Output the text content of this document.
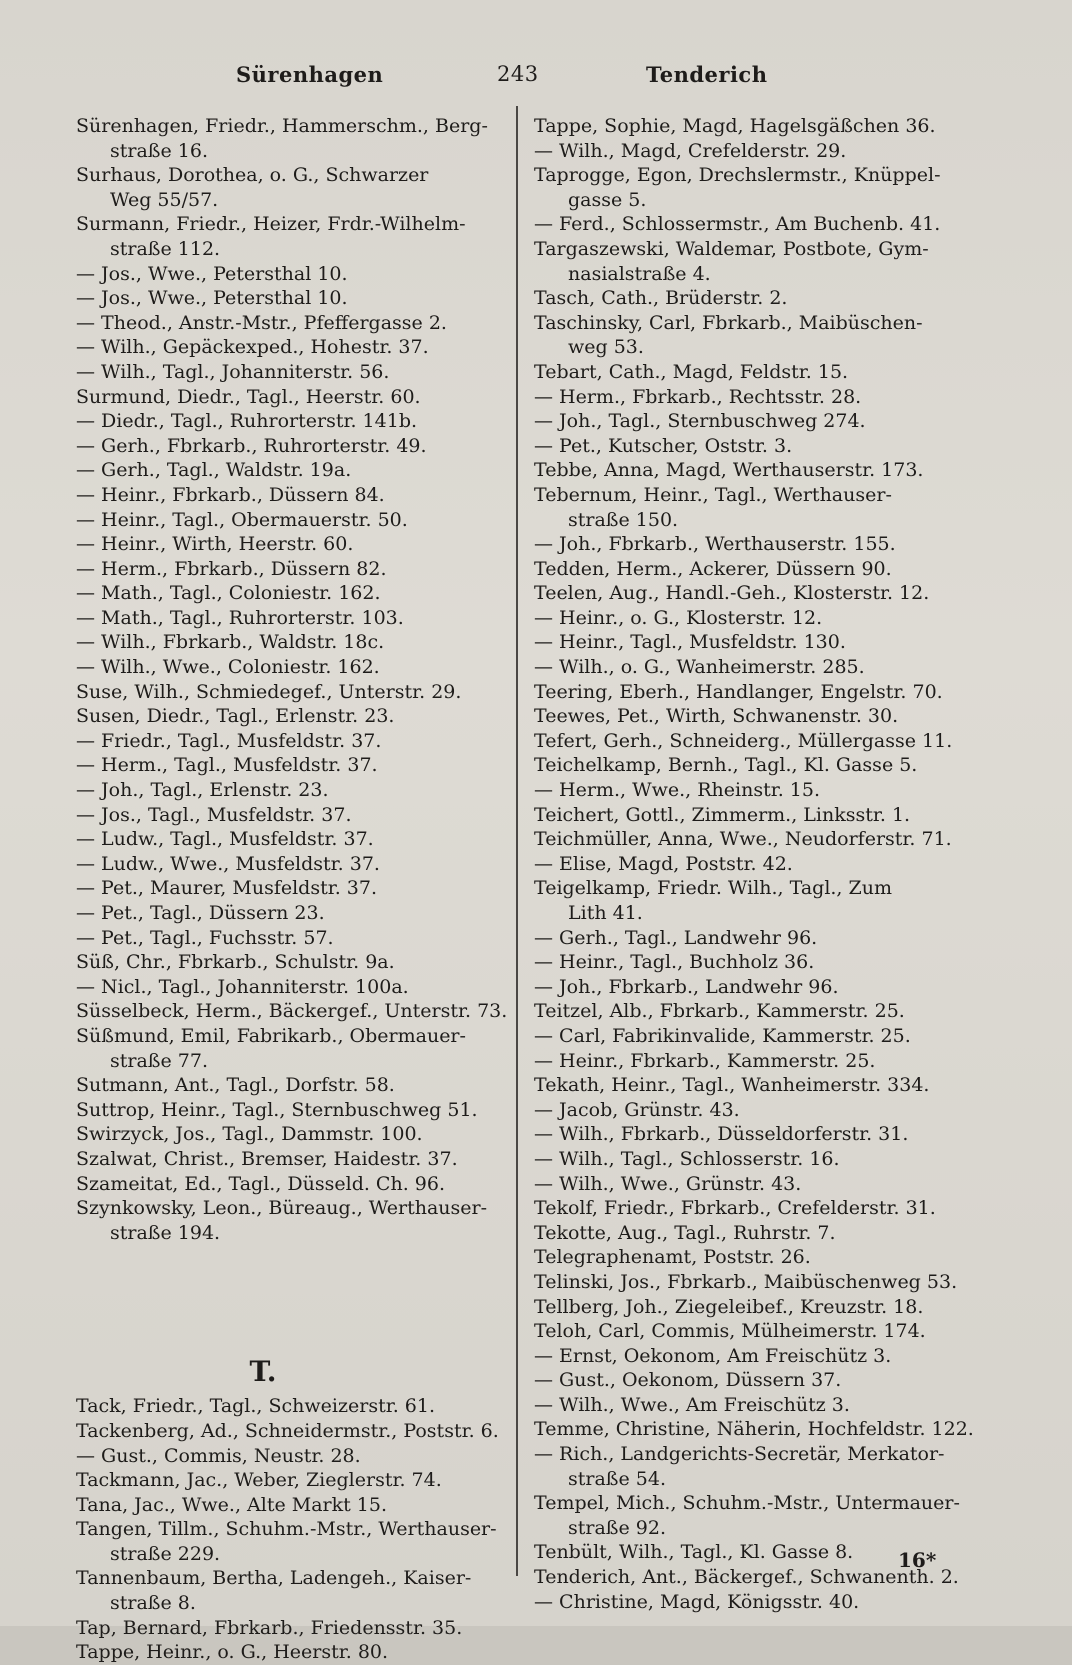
Sürenhagen	243	Tenderich
Sürenhagen, Friedr., Hammerschm., Berg-
straße 16.
Surhaus, Dorothea, o. G., Schwarzer
Weg 55/57.
Surmann, Friedr., Heizer, Frdr.-Wilhelm-
straße 112.
— Jos., Wwe., Petersthal 10.
— Jos., Wwe., Petersthal 10.
— Theod., Anstr.-Mstr., Pfeffergasse 2.
— Wilh., Gepäckexped., Hohestr. 37.
— Wilh., Tagl., Johanniterstr. 56.
Surmund, Diedr., Tagl., Heerstr. 60.
— Diedr., Tagl., Ruhrorterstr. 141b.
— Gerh., Fbrkarb., Ruhrorterstr. 49.
— Gerh., Tagl., Waldstr. 19a.
— Heinr., Fbrkarb., Düssern 84.
— Heinr., Tagl., Obermauerstr. 50.
— Heinr., Wirth, Heerstr. 60.
— Herm., Fbrkarb., Düssern 82.
— Math., Tagl., Coloniestr. 162.
— Math., Tagl., Ruhrorterstr. 103.
— Wilh., Fbrkarb., Waldstr. 18c.
— Wilh., Wwe., Coloniestr. 162.
Suse, Wilh., Schmiedegef., Unterstr. 29.
Susen, Diedr., Tagl., Erlenstr. 23.
— Friedr., Tagl., Musfeldstr. 37.
— Herm., Tagl., Musfeldstr. 37.
— Joh., Tagl., Erlenstr. 23.
— Jos., Tagl., Musfeldstr. 37.
— Ludw., Tagl., Musfeldstr. 37.
— Ludw., Wwe., Musfeldstr. 37.
— Pet., Maurer, Musfeldstr. 37.
— Pet., Tagl., Düssern 23.
— Pet., Tagl., Fuchsstr. 57.
Süß, Chr., Fbrkarb., Schulstr. 9a.
— Nicl., Tagl., Johanniterstr. 100a.
Süsselbeck, Herm., Bäckergef., Unterstr. 73.
Süßmund, Emil, Fabrikarb., Obermauer-
straße 77.
Sutmann, Ant., Tagl., Dorfstr. 58.
Suttrop, Heinr., Tagl., Sternbuschweg 51.
Swirzyck, Jos., Tagl., Dammstr. 100.
Szalwat, Christ., Bremser, Haidestr. 37.
Szameitat, Ed., Tagl., Düsseld. Ch. 96.
Szynkowsky, Leon., Büreaug., Werthauser-
straße 194.
T.
Tack, Friedr., Tagl., Schweizerstr. 61.
Tackenberg, Ad., Schneidermstr., Poststr. 6.
— Gust., Commis, Neustr. 28.
Tackmann, Jac., Weber, Zieglerstr. 74.
Tana, Jac., Wwe., Alte Markt 15.
Tangen, Tillm., Schuhm.-Mstr., Werthauser-
straße 229.
Tannenbaum, Bertha, Ladengeh., Kaiser-
straße 8.
Tap, Bernard, Fbrkarb., Friedensstr. 35.
Tappe, Heinr., o. G., Heerstr. 80.
Tappe, Sophie, Magd, Hagelsgäßchen 36.
— Wilh., Magd, Crefelderstr. 29.
Taprogge, Egon, Drechslermstr., Knüppel-
gasse 5.
— Ferd., Schlossermstr., Am Buchenb. 41.
Targaszewski, Waldemar, Postbote, Gym-
nasialstraße 4.
Tasch, Cath., Brüderstr. 2.
Taschinsky, Carl, Fbrkarb., Maibüschen-
weg 53.
Tebart, Cath., Magd, Feldstr. 15.
— Herm., Fbrkarb., Rechtsstr. 28.
— Joh., Tagl., Sternbuschweg 274.
— Pet., Kutscher, Oststr. 3.
Tebbe, Anna, Magd, Werthauserstr. 173.
Tebernum, Heinr., Tagl., Werthauser-
straße 150.
— Joh., Fbrkarb., Werthauserstr. 155.
Tedden, Herm., Ackerer, Düssern 90.
Teelen, Aug., Handl.-Geh., Klosterstr. 12.
— Heinr., o. G., Klosterstr. 12.
— Heinr., Tagl., Musfeldstr. 130.
— Wilh., o. G., Wanheimerstr. 285.
Teering, Eberh., Handlanger, Engelstr. 70.
Teewes, Pet., Wirth, Schwanenstr. 30.
Tefert, Gerh., Schneiderg., Müllergasse 11.
Teichelkamp, Bernh., Tagl., Kl. Gasse 5.
— Herm., Wwe., Rheinstr. 15.
Teichert, Gottl., Zimmerm., Linksstr. 1.
Teichmüller, Anna, Wwe., Neudorferstr. 71.
— Elise, Magd, Poststr. 42.
Teigelkamp, Friedr. Wilh., Tagl., Zum
Lith 41.
— Gerh., Tagl., Landwehr 96.
— Heinr., Tagl., Buchholz 36.
— Joh., Fbrkarb., Landwehr 96.
Teitzel, Alb., Fbrkarb., Kammerstr. 25.
— Carl, Fabrikinvalide, Kammerstr. 25.
— Heinr., Fbrkarb., Kammerstr. 25.
Tekath, Heinr., Tagl., Wanheimerstr. 334.
— Jacob, Grünstr. 43.
— Wilh., Fbrkarb., Düsseldorferstr. 31.
— Wilh., Tagl., Schlosserstr. 16.
— Wilh., Wwe., Grünstr. 43.
Tekolf, Friedr., Fbrkarb., Crefelderstr. 31.
Tekotte, Aug., Tagl., Ruhrstr. 7.
Telegraphenamt, Poststr. 26.
Telinski, Jos., Fbrkarb., Maibüschenweg 53.
Tellberg, Joh., Ziegeleibef., Kreuzstr. 18.
Teloh, Carl, Commis, Mülheimerstr. 174.
— Ernst, Oekonom, Am Freischütz 3.
— Gust., Oekonom, Düssern 37.
— Wilh., Wwe., Am Freischütz 3.
Temme, Christine, Näherin, Hochfeldstr. 122.
— Rich., Landgerichts-Secretär, Merkator-
straße 54.
Tempel, Mich., Schuhm.-Mstr., Untermauer-
straße 92.
Tenbült, Wilh., Tagl., Kl. Gasse 8.
Tenderich, Ant., Bäckergef., Schwanenth. 2.
— Christine, Magd, Königsstr. 40.
16*
